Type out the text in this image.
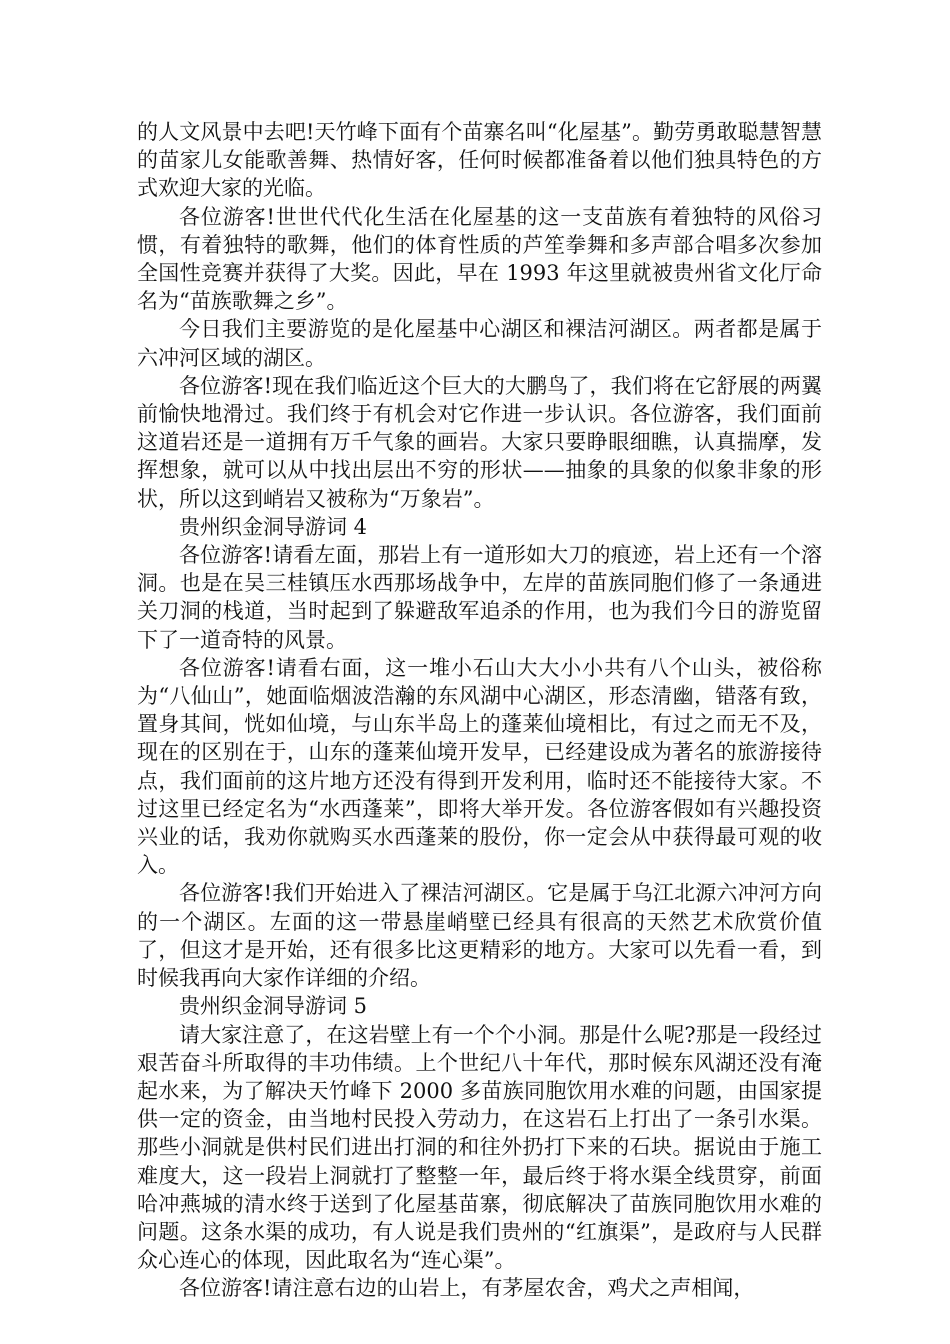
的人文风景中去吧!天竹峰下面有个苗寨名叫“化屋基”。勤劳勇敢聪慧智慧的苗家儿女能歌善舞、热情好客，任何时候都准备着以他们独具特色的方式欢迎大家的光临。

各位游客!世世代代化生活在化屋基的这一支苗族有着独特的风俗习惯，有着独特的歌舞，他们的体育性质的芦笙拳舞和多声部合唱多次参加全国性竞赛并获得了大奖。因此，早在 1993 年这里就被贵州省文化厅命名为“苗族歌舞之乡”。

今日我们主要游览的是化屋基中心湖区和裸洁河湖区。两者都是属于六冲河区域的湖区。

各位游客!现在我们临近这个巨大的大鹏鸟了，我们将在它舒展的两翼前愉快地滑过。我们终于有机会对它作进一步认识。各位游客，我们面前这道岩还是一道拥有万千气象的画岩。大家只要睁眼细瞧，认真揣摩，发挥想象，就可以从中找出层出不穷的形状——抽象的具象的似象非象的形状，所以这到峭岩又被称为“万象岩”。

贵州织金洞导游词 4

各位游客!请看左面，那岩上有一道形如大刀的痕迹，岩上还有一个溶洞。也是在吴三桂镇压水西那场战争中，左岸的苗族同胞们修了一条通进关刀洞的栈道，当时起到了躲避敌军追杀的作用，也为我们今日的游览留下了一道奇特的风景。

各位游客!请看右面，这一堆小石山大大小小共有八个山头，被俗称为“八仙山”，她面临烟波浩瀚的东风湖中心湖区，形态清幽，错落有致，置身其间，恍如仙境，与山东半岛上的蓬莱仙境相比，有过之而无不及，现在的区别在于，山东的蓬莱仙境开发早，已经建设成为著名的旅游接待点，我们面前的这片地方还没有得到开发利用，临时还不能接待大家。不过这里已经定名为“水西蓬莱”，即将大举开发。各位游客假如有兴趣投资兴业的话，我劝你就购买水西蓬莱的股份，你一定会从中获得最可观的收入。

各位游客!我们开始进入了裸洁河湖区。它是属于乌江北源六冲河方向的一个湖区。左面的这一带悬崖峭壁已经具有很高的天然艺术欣赏价值了，但这才是开始，还有很多比这更精彩的地方。大家可以先看一看，到时候我再向大家作详细的介绍。

贵州织金洞导游词 5

请大家注意了，在这岩壁上有一个个小洞。那是什么呢?那是一段经过艰苦奋斗所取得的丰功伟绩。上个世纪八十年代，那时候东风湖还没有淹起水来，为了解决天竹峰下 2000 多苗族同胞饮用水难的问题，由国家提供一定的资金，由当地村民投入劳动力，在这岩石上打出了一条引水渠。那些小洞就是供村民们进出打洞的和往外扔打下来的石块。据说由于施工难度大，这一段岩上洞就打了整整一年，最后终于将水渠全线贯穿，前面哈冲燕城的清水终于送到了化屋基苗寨，彻底解决了苗族同胞饮用水难的问题。这条水渠的成功，有人说是我们贵州的“红旗渠”，是政府与人民群众心连心的体现，因此取名为“连心渠”。

各位游客!请注意右边的山岩上，有茅屋农舍，鸡犬之声相闻，
